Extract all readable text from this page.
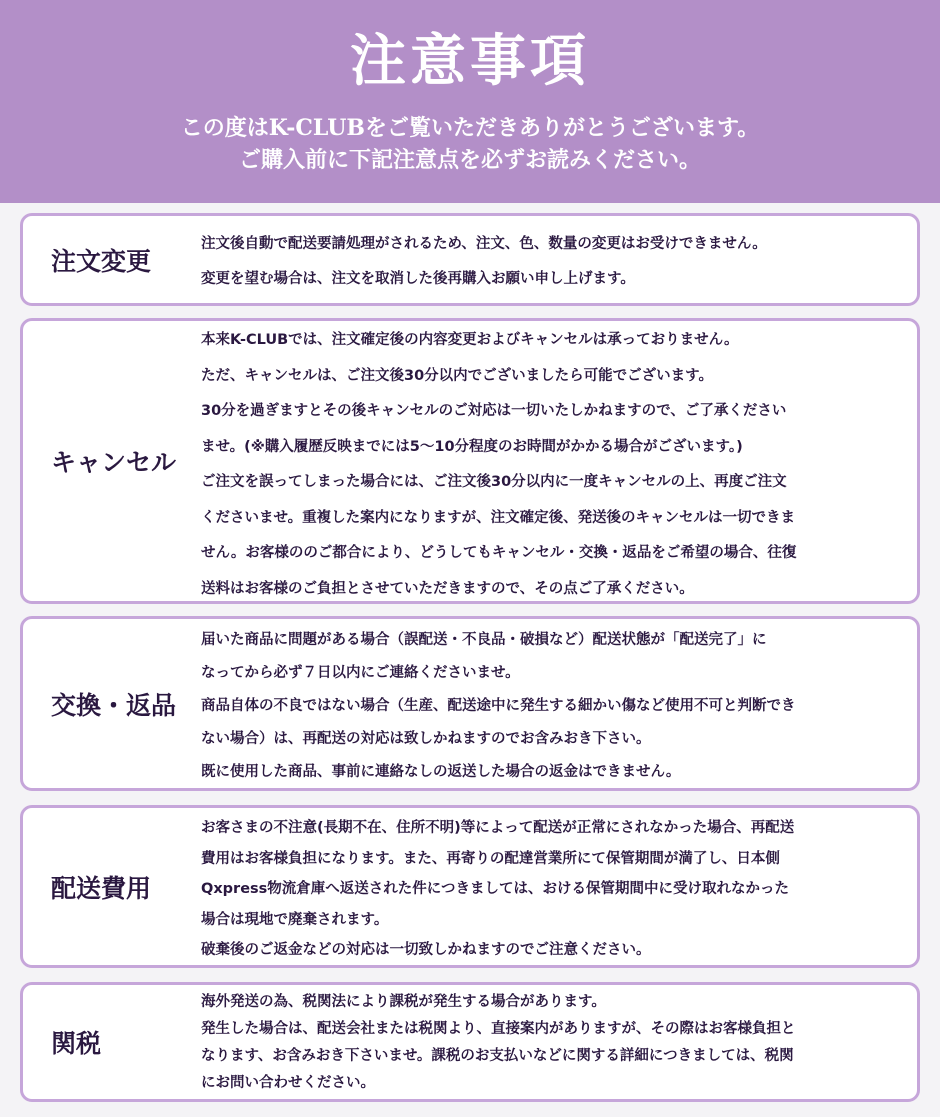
注意事項
この度はK-CLUBをご覧いただきありがとうございます。
ご購入前に下記注意点を必ずお読みください。
注文変更
注文後自動で配送要請処理がされるため、注文、色、数量の変更はお受けできません。
変更を望む場合は、注文を取消した後再購入お願い申し上げます。
キャンセル
本来K-CLUBでは、注文確定後の内容変更およびキャンセルは承っておりません。
ただ、キャンセルは、ご注文後30分以内でございましたら可能でございます。
30分を過ぎますとその後キャンセルのご対応は一切いたしかねますので、ご了承ください
ませ。(※購入履歴反映までには5〜10分程度のお時間がかかる場合がございます。)
ご注文を誤ってしまった場合には、ご注文後30分以内に一度キャンセルの上、再度ご注文
くださいませ。重複した案内になりますが、注文確定後、発送後のキャンセルは一切できま
せん。お客様ののご都合により、どうしてもキャンセル・交換・返品をご希望の場合、往復
送料はお客様のご負担とさせていただきますので、その点ご了承ください。
交換・返品
届いた商品に問題がある場合（誤配送・不良品・破損など）配送状態が「配送完了」に
なってから必ず７日以内にご連絡くださいませ。
商品自体の不良ではない場合（生産、配送途中に発生する細かい傷など使用不可と判断でき
ない場合）は、再配送の対応は致しかねますのでお含みおき下さい。
既に使用した商品、事前に連絡なしの返送した場合の返金はできません。
配送費用
お客さまの不注意(長期不在、住所不明)等によって配送が正常にされなかった場合、再配送
費用はお客様負担になります。また、再寄りの配達営業所にて保管期間が満了し、日本側
Qxpress物流倉庫へ返送された件につきましては、おける保管期間中に受け取れなかった
場合は現地で廃棄されます。
破棄後のご返金などの対応は一切致しかねますのでご注意ください。
関税
海外発送の為、税関法により課税が発生する場合があります。
発生した場合は、配送会社または税関より、直接案内がありますが、その際はお客様負担と
なります、お含みおき下さいませ。課税のお支払いなどに関する詳細につきましては、税関
にお問い合わせください。
